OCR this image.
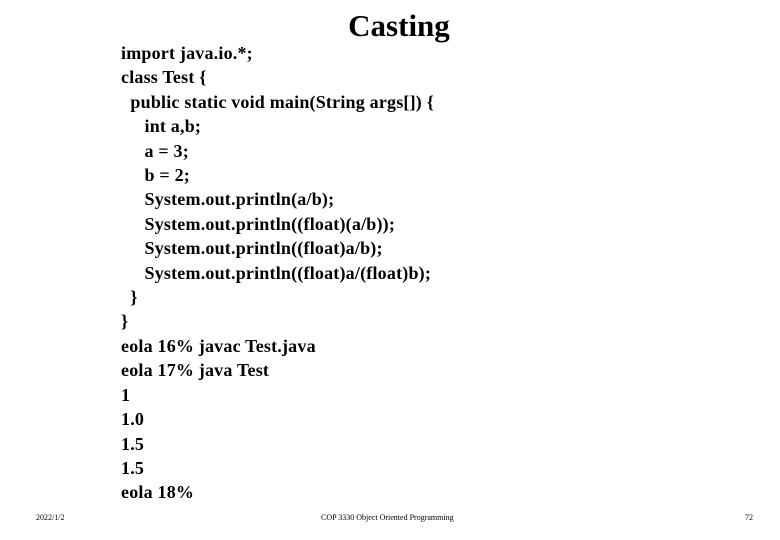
Casting
import java.io.*;
class Test {
public static void main(String args[]) {
int a,b;
a = 3;
b = 2;
System.out.println(a/b);
System.out.println((float)(a/b));
System.out.println((float)a/b);
System.out.println((float)a/(float)b);
}
}
eola 16% javac Test.java
eola 17% java Test
1
1.0
1.5
1.5
eola 18%
2022/1/2	COP 3330 Object Oriented Programming	72
